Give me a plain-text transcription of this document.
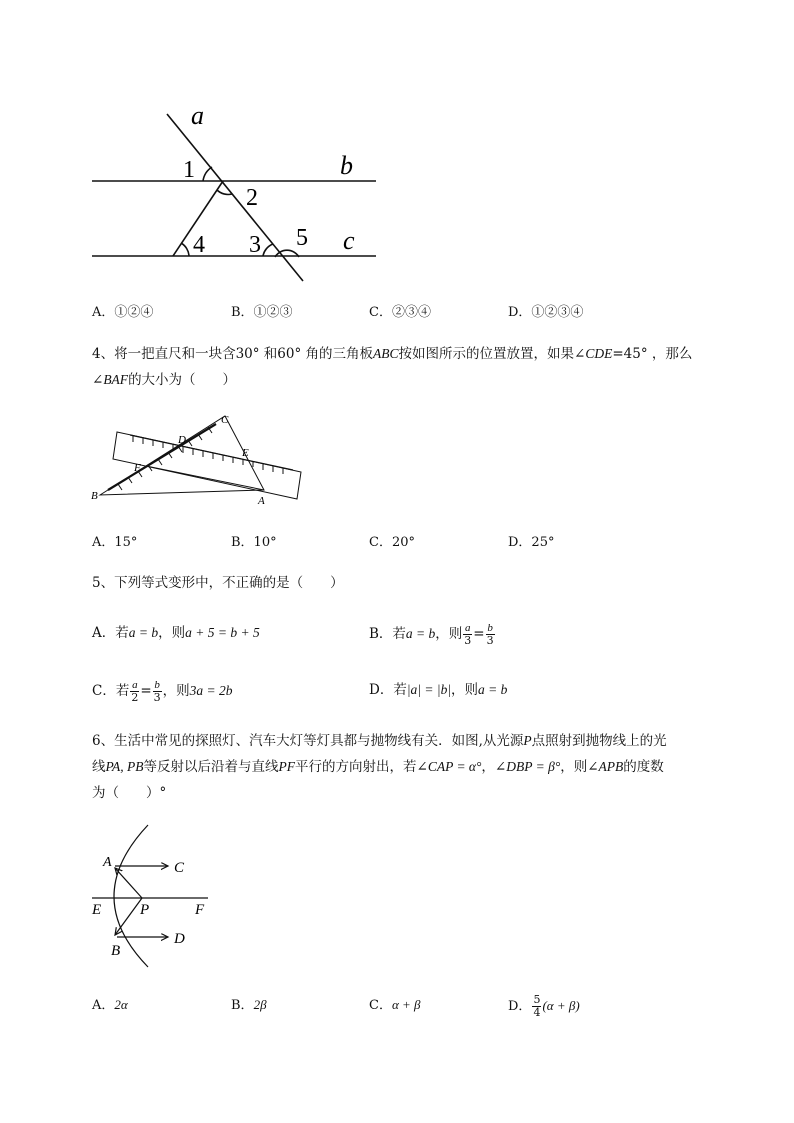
a
b
c
1
2
4 3 5
A．①②④	B．①②③	C．②③④	D．①②③④
4、将一把直尺和一块含30° 和60° 角的三角板ABC按如图所示的位置放置，如果∠CDE=45° ，那么
∠BAF的大小为（　　）
C
D
E
F
B	A
A．15°	B．10°	C．20°	D．25°
5、下列等式变形中，不正确的是（　　）
A．若a = b，则a + 5 = b + 5	B．若a = b，则 $\frac{a}{3} = \frac{b}{3}$
C．若 $\frac{a}{2} = \frac{b}{3}$ ，则3a = 2b	D．若|a| = |b|，则a = b
6、生活中常见的探照灯、汽车大灯等灯具都与抛物线有关．如图,从光源P点照射到抛物线上的光
线PA, PB等反射以后沿着与直线PF平行的方向射出，若∠CAP = α°，∠DBP = β°，则∠APB的度数
为（　　）°
A	C
E	P	F
B
D
A．2α	B．2β	C．α + β	D． $\frac{5}{4} (\alpha + \beta)$
